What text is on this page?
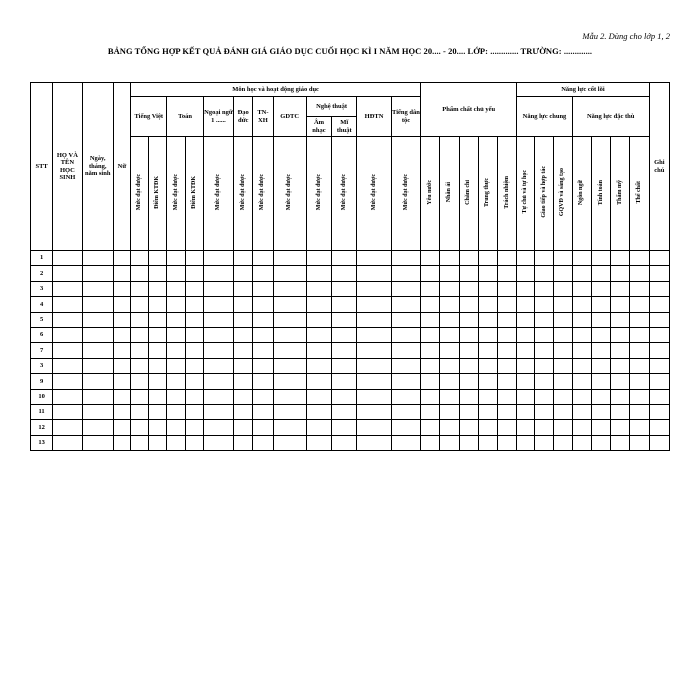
Mẫu 2. Dùng cho lớp 1, 2
BẢNG TỔNG HỢP KẾT QUẢ ĐÁNH GIÁ GIÁO DỤC CUỐI HỌC KÌ I NĂM HỌC 20.... - 20.... LỚP: ............. TRƯỜNG: .............
STT	HỌ VÀ TÊN HỌC SINH	Ngày, tháng, năm sinh	Nữ	Môn học và hoạt động giáo dục												Phẩm chất chủ yếu					Năng lực cốt lõi							Ghi chú
				Tiếng Việt		Toán		Ngoại ngữ 1 ......	Đạo đức	TN-XH	GDTC	Nghệ thuật		HĐTN	Tiếng dân tộc						Năng lực chung			Năng lực đặc thù				
												Âm nhạc	Mĩ thuật															
				Mức đạt được	Điểm KTĐK	Mức đạt được	Điểm KTĐK	Mức đạt được	Mức đạt được	Mức đạt được	Mức đạt được	Mức đạt được	Mức đạt được	Mức đạt được	Mức đạt được	Yêu nước	Nhân ái	Chăm chỉ	Trung thực	Trách nhiệm	Tự chủ và tự học	Giao tiếp và hợp tác	GQVĐ và sáng tạo	Ngôn ngữ	Tính toán	Thẩm mỹ	Thể chất	
1																												
2																												
3																												
4																												
5																												
6																												
7																												
3																												
9																												
10																												
11																												
12																												
13																												
